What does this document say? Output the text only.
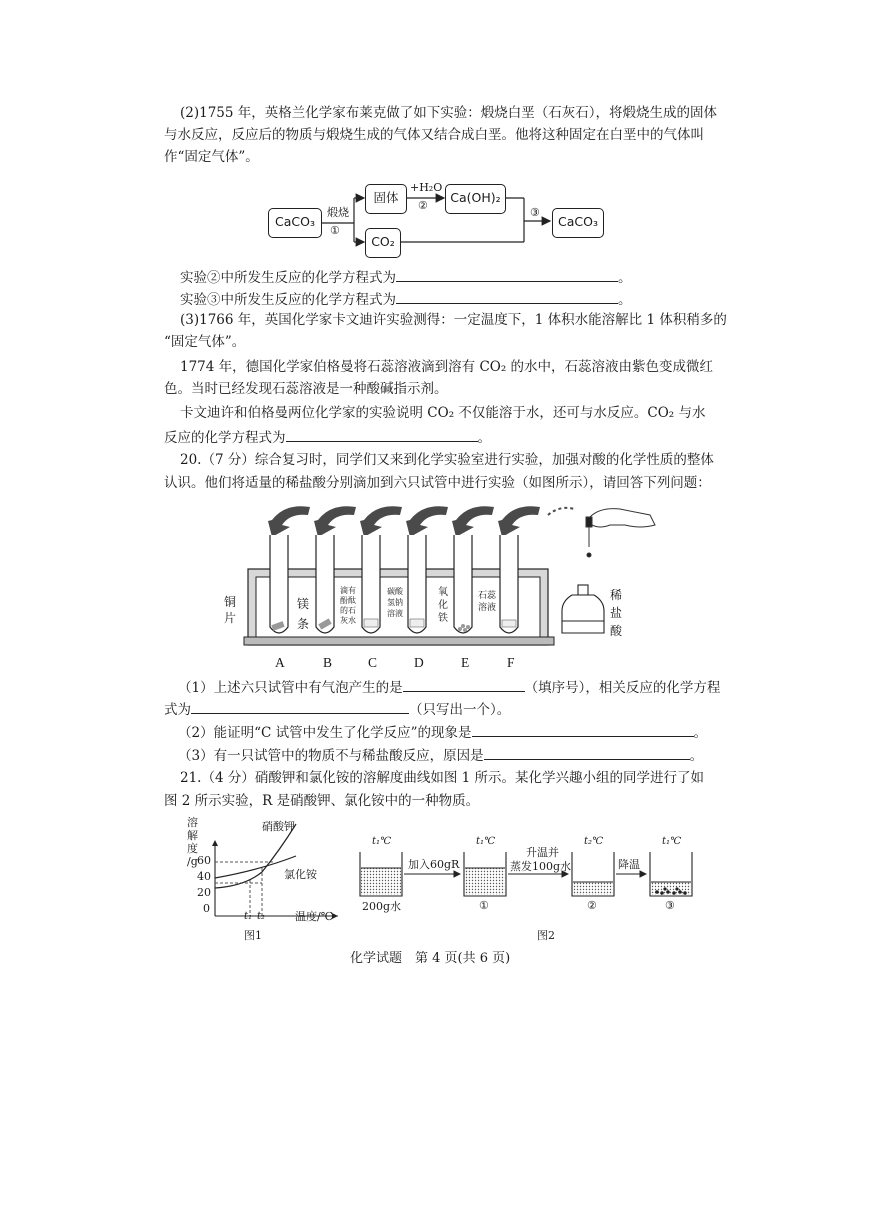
(2)1755 年，英格兰化学家布莱克做了如下实验：煅烧白垩（石灰石），将煅烧生成的固体
与水反应，反应后的物质与煅烧生成的气体又结合成白垩。他将这种固定在白垩中的气体叫
作“固定气体”。
CaCO₃
煅烧
①
固体
+H₂O
②
Ca(OH)₂
CO₂
③
CaCO₃
实验②中所发生反应的化学方程式为	。
实验③中所发生反应的化学方程式为	。
(3)1766 年，英国化学家卡文迪许实验测得：一定温度下，1 体积水能溶解比 1 体积稍多的
“固定气体”。
1774 年，德国化学家伯格曼将石蕊溶液滴到溶有 CO₂ 的水中，石蕊溶液由紫色变成微红
色。当时已经发现石蕊溶液是一种酸碱指示剂。
卡文迪许和伯格曼两位化学家的实验说明 CO₂ 不仅能溶于水，还可与水反应。CO₂ 与水
反应的化学方程式为	。
20.（7 分）综合复习时，同学们又来到化学实验室进行实验，加强对酸的化学性质的整体
认识。他们将适量的稀盐酸分别滴加到六只试管中进行实验（如图所示），请回答下列问题：
铜
片
镁
条
滴有
酚酞
的石
灰水
碳酸
氢钠
溶液
氧
化
铁
石蕊
溶液
稀
盐
酸
A	B	C	D	E	F
（1）上述六只试管中有气泡产生的是	（填序号），相关反应的化学方程
式为	（只写出一个）。
（2）能证明“C 试管中发生了化学反应”的现象是	。
（3）有一只试管中的物质不与稀盐酸反应，原因是	。
21.（4 分）硝酸钾和氯化铵的溶解度曲线如图 1 所示。某化学兴趣小组的同学进行了如
图 2 所示实验，R 是硝酸钾、氯化铵中的一种物质。
溶
解
度
/g 60
40
20
0
t₁ t₂	温度/℃
硝酸钾
氯化铵
图1
t₁℃	t₁℃	t₂℃	t₁℃
加入60gR
升温并
蒸发100g水	降温
200g水	①	②	③
图2
化学试题　第 4 页(共 6 页)
